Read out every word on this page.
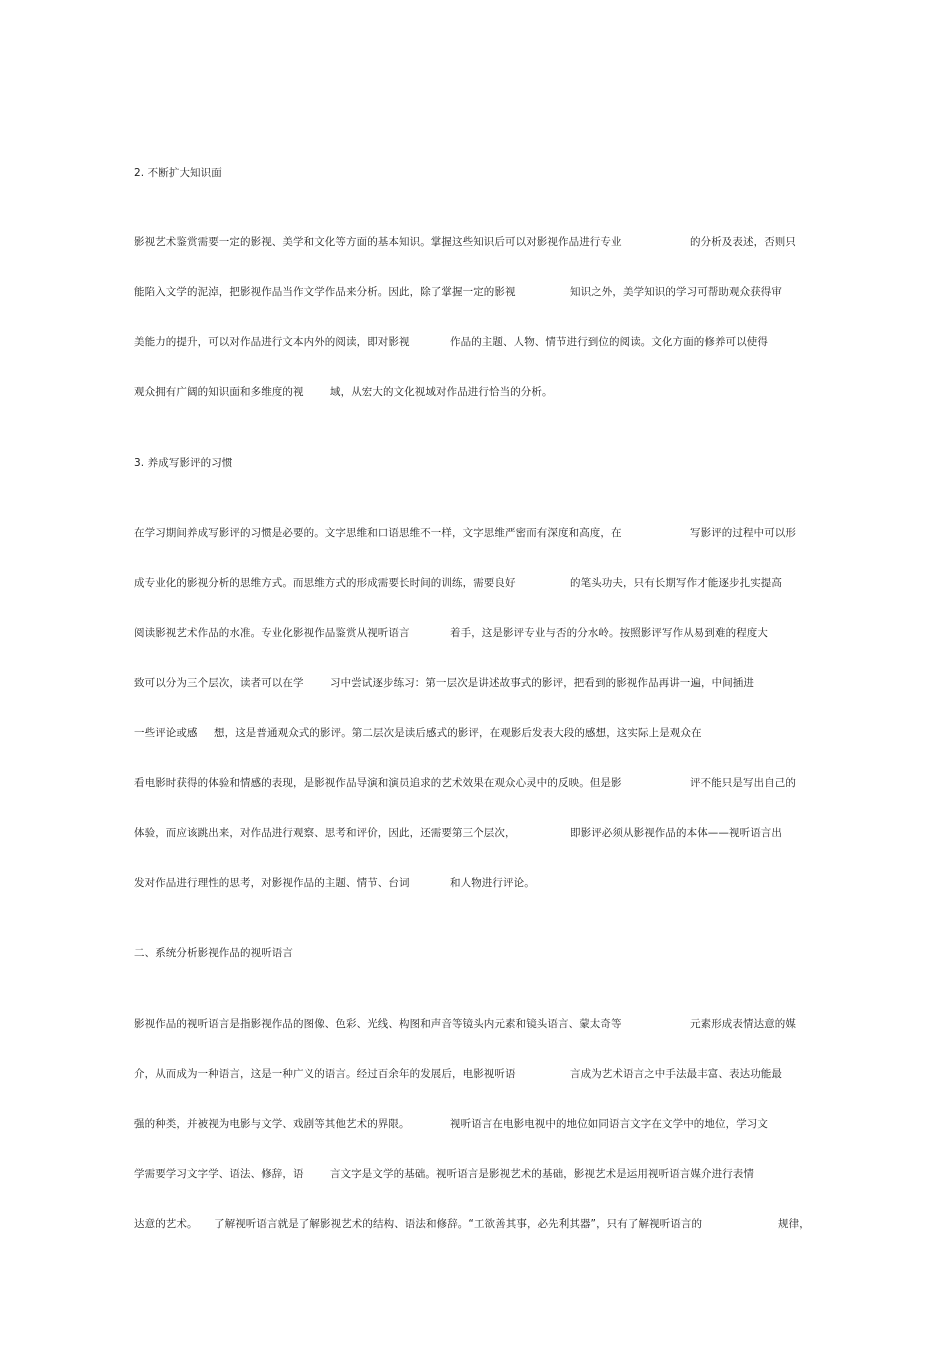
2. 不断扩大知识面
影视艺术鉴赏需要一定的影视、美学和文化等方面的基本知识。掌握这些知识后可以对影视作品进行专业	的分析及表述，否则只
能陷入文学的泥淖，把影视作品当作文学作品来分析。因此，除了掌握一定的影视	知识之外，美学知识的学习可帮助观众获得审
美能力的提升，可以对作品进行文本内外的阅读，即对影视	作品的主题、人物、情节进行到位的阅读。文化方面的修养可以使得
观众拥有广阔的知识面和多维度的视	域，从宏大的文化视域对作品进行恰当的分析。
3. 养成写影评的习惯
在学习期间养成写影评的习惯是必要的。文字思维和口语思维不一样，文字思维严密而有深度和高度，在	写影评的过程中可以形
成专业化的影视分析的思维方式。而思维方式的形成需要长时间的训练，需要良好	的笔头功夫，只有长期写作才能逐步扎实提高
阅读影视艺术作品的水准。专业化影视作品鉴赏从视听语言	着手，这是影评专业与否的分水岭。按照影评写作从易到难的程度大
致可以分为三个层次，读者可以在学	习中尝试逐步练习：第一层次是讲述故事式的影评，把看到的影视作品再讲一遍，中间插进
一些评论或感 想，这是普通观众式的影评。第二层次是读后感式的影评，在观影后发表大段的感想，这实际上是观众在
看电影时获得的体验和情感的表现，是影视作品导演和演员追求的艺术效果在观众心灵中的反映。但是影	评不能只是写出自己的
体验，而应该跳出来，对作品进行观察、思考和评价，因此，还需要第三个层次，	即影评必须从影视作品的本体——视听语言出
发对作品进行理性的思考，对影视作品的主题、情节、台词	和人物进行评论。
二、系统分析影视作品的视听语言
影视作品的视听语言是指影视作品的图像、色彩、光线、构图和声音等镜头内元素和镜头语言、蒙太奇等	元素形成表情达意的媒
介，从而成为一种语言，这是一种广义的语言。经过百余年的发展后，电影视听语	言成为艺术语言之中手法最丰富、表达功能最
强的种类，并被视为电影与文学、戏剧等其他艺术的界限。	视听语言在电影电视中的地位如同语言文字在文学中的地位，学习文
学需要学习文字学、语法、修辞，语	言文字是文学的基础。视听语言是影视艺术的基础，影视艺术是运用视听语言媒介进行表情
达意的艺术。 了解视听语言就是了解影视艺术的结构、语法和修辞。“工欲善其事，必先利其器”，只有了解视听语言的	规律，
